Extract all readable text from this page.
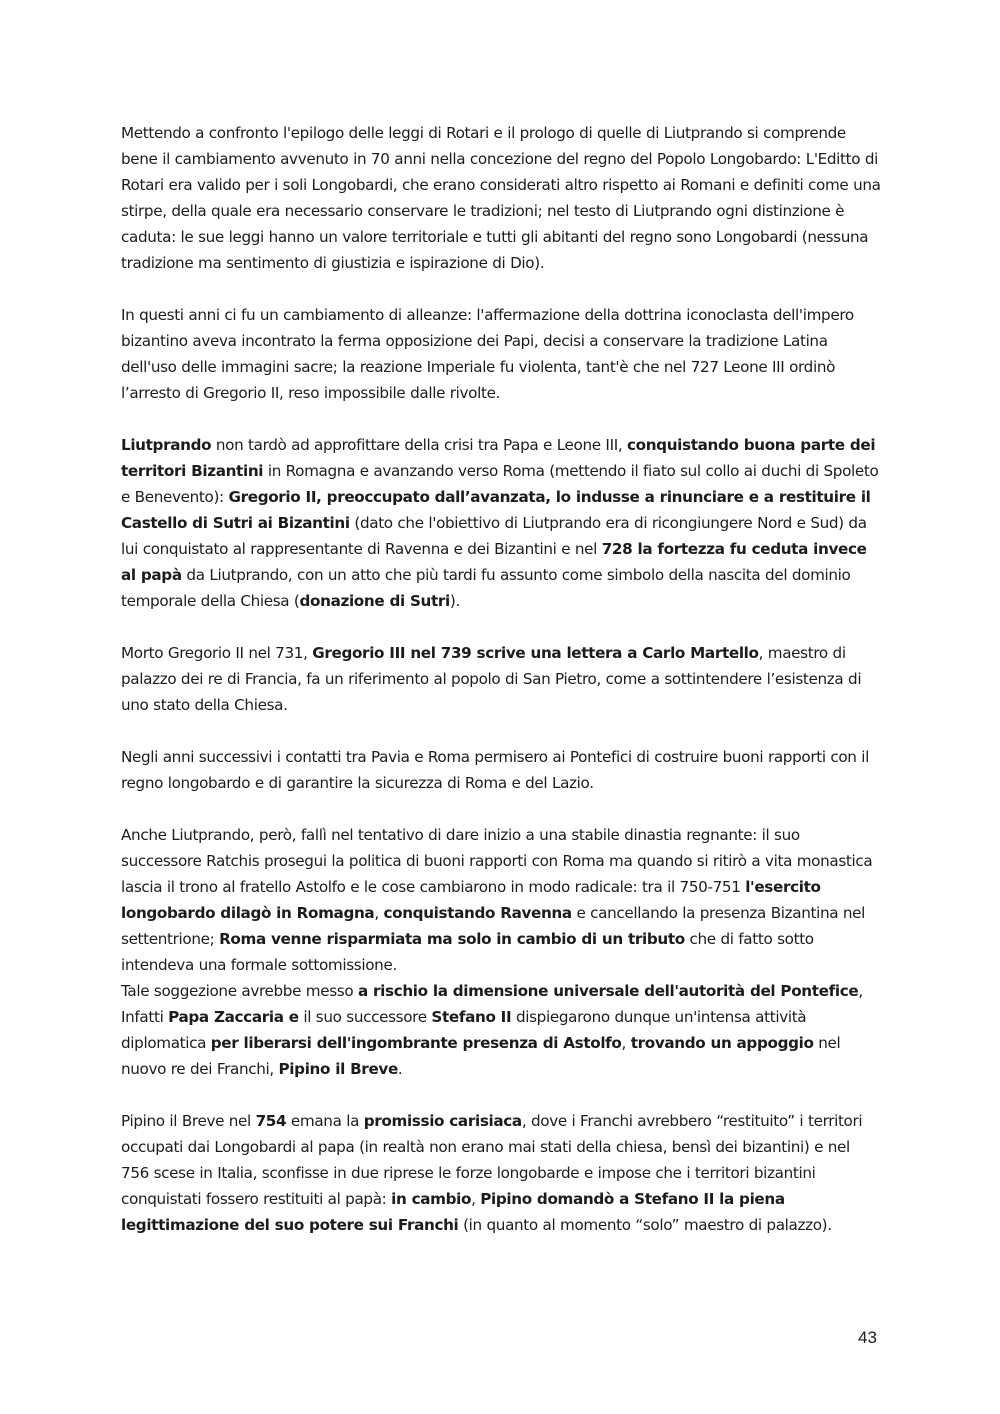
Mettendo a confronto l'epilogo delle leggi di Rotari e il prologo di quelle di Liutprando si comprende bene il cambiamento avvenuto in 70 anni nella concezione del regno del Popolo Longobardo: L'Editto di Rotari era valido per i soli Longobardi, che erano considerati altro rispetto ai Romani e definiti come una stirpe, della quale era necessario conservare le tradizioni; nel testo di Liutprando ogni distinzione è caduta: le sue leggi hanno un valore territoriale e tutti gli abitanti del regno sono Longobardi (nessuna tradizione ma sentimento di giustizia e ispirazione di Dio).

In questi anni ci fu un cambiamento di alleanze: l'affermazione della dottrina iconoclasta dell'impero bizantino aveva incontrato la ferma opposizione dei Papi, decisi a conservare la tradizione Latina dell'uso delle immagini sacre; la reazione Imperiale fu violenta, tant'è che nel 727 Leone III ordinò l’arresto di Gregorio II, reso impossibile dalle rivolte.

Liutprando non tardò ad approfittare della crisi tra Papa e Leone III, conquistando buona parte dei territori Bizantini in Romagna e avanzando verso Roma (mettendo il fiato sul collo ai duchi di Spoleto e Benevento): Gregorio II, preoccupato dall’avanzata, lo indusse a rinunciare e a restituire il Castello di Sutri ai Bizantini (dato che l'obiettivo di Liutprando era di ricongiungere Nord e Sud) da lui conquistato al rappresentante di Ravenna e dei Bizantini e nel 728 la fortezza fu ceduta invece al papà da Liutprando, con un atto che più tardi fu assunto come simbolo della nascita del dominio temporale della Chiesa (donazione di Sutri).

Morto Gregorio II nel 731, Gregorio III nel 739 scrive una lettera a Carlo Martello, maestro di palazzo dei re di Francia, fa un riferimento al popolo di San Pietro, come a sottintendere l’esistenza di uno stato della Chiesa.

Negli anni successivi i contatti tra Pavia e Roma permisero ai Pontefici di costruire buoni rapporti con il regno longobardo e di garantire la sicurezza di Roma e del Lazio.

Anche Liutprando, però, fallì nel tentativo di dare inizio a una stabile dinastia regnante: il suo successore Ratchis prosegui la politica di buoni rapporti con Roma ma quando si ritirò a vita monastica lascia il trono al fratello Astolfo e le cose cambiarono in modo radicale: tra il 750-751 l'esercito longobardo dilagò in Romagna, conquistando Ravenna e cancellando la presenza Bizantina nel settentrione; Roma venne risparmiata ma solo in cambio di un tributo che di fatto sotto intendeva una formale sottomissione.

Tale soggezione avrebbe messo a rischio la dimensione universale dell'autorità del Pontefice, Infatti Papa Zaccaria e il suo successore Stefano II dispiegarono dunque un'intensa attività diplomatica per liberarsi dell'ingombrante presenza di Astolfo, trovando un appoggio nel nuovo re dei Franchi, Pipino il Breve.

Pipino il Breve nel 754 emana la promissio carisiaca, dove i Franchi avrebbero “restituito” i territori occupati dai Longobardi al papa (in realtà non erano mai stati della chiesa, bensì dei bizantini) e nel 756 scese in Italia, sconfisse in due riprese le forze longobarde e impose che i territori bizantini conquistati fossero restituiti al papà: in cambio, Pipino domandò a Stefano II la piena legittimazione del suo potere sui Franchi (in quanto al momento “solo” maestro di palazzo).

43
